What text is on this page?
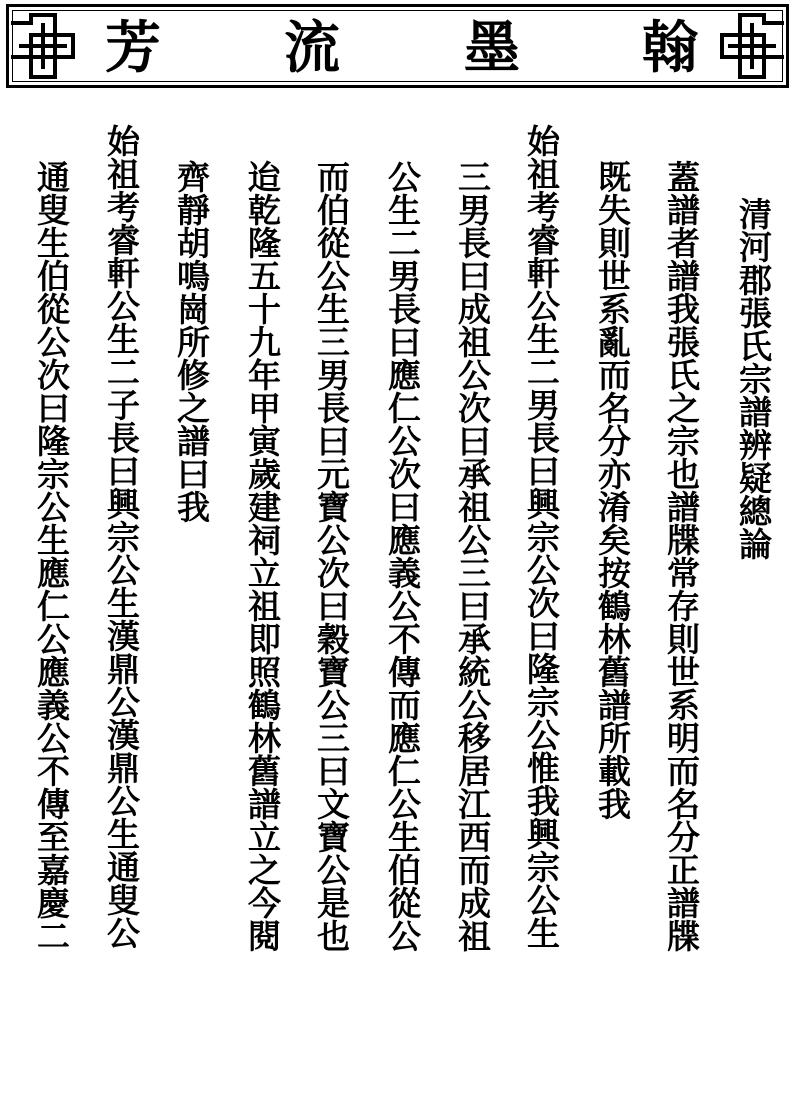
芳 流 墨 翰
清河郡張氏宗譜辨疑總論
蓋譜者譜我張氏之宗也譜牒常存則世系明而名分正譜牒
既失則世系亂而名分亦淆矣按鶴林舊譜所載我
始祖考睿軒公生二男長曰興宗公次曰隆宗公惟我興宗公生
三男長曰成祖公次曰承祖公三曰承統公移居江西而成祖
公生二男長曰應仁公次曰應義公不傳而應仁公生伯從公
而伯從公生三男長曰元寶公次曰穀寶公三曰文寶公是也
迨乾隆五十九年甲寅歲建祠立祖即照鶴林舊譜立之今閱
齊靜胡鳴崗所修之譜曰我
始祖考睿軒公生二子長曰興宗公生漢鼎公漢鼎公生通叟公
通叟生伯從公次曰隆宗公生應仁公應義公不傳至嘉慶二
